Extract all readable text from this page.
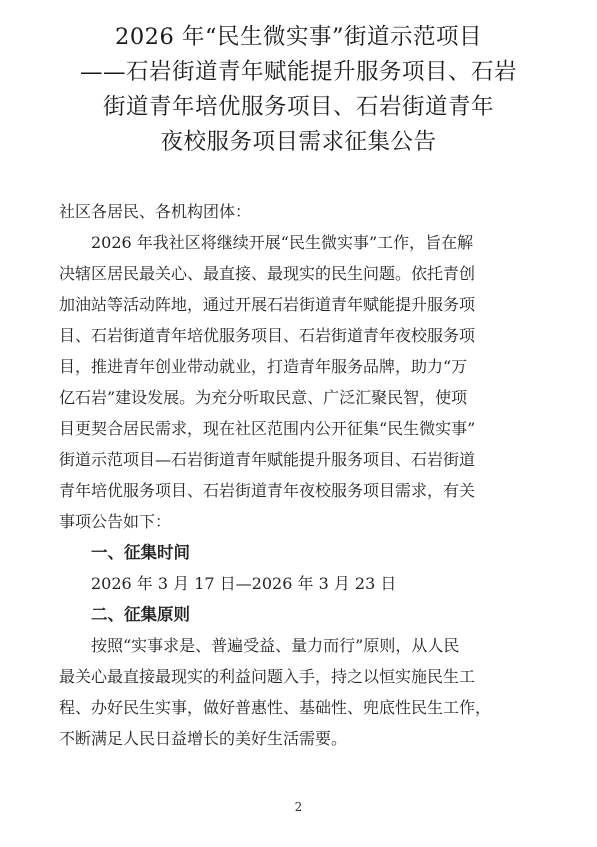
2026 年“民生微实事”街道示范项目
——石岩街道青年赋能提升服务项目、石岩
街道青年培优服务项目、石岩街道青年
夜校服务项目需求征集公告

社区各居民、各机构团体：

2026 年我社区将继续开展“民生微实事”工作，旨在解

决辖区居民最关心、最直接、最现实的民生问题。依托青创

加油站等活动阵地，通过开展石岩街道青年赋能提升服务项

目、石岩街道青年培优服务项目、石岩街道青年夜校服务项

目，推进青年创业带动就业，打造青年服务品牌，助力“万

亿石岩”建设发展。为充分听取民意、广泛汇聚民智，使项

目更契合居民需求，现在社区范围内公开征集“民生微实事”

街道示范项目—石岩街道青年赋能提升服务项目、石岩街道

青年培优服务项目、石岩街道青年夜校服务项目需求，有关

事项公告如下：

一、征集时间

2026 年 3 月 17 日—2026 年 3 月 23 日

二、征集原则

按照“实事求是、普遍受益、量力而行”原则，从人民

最关心最直接最现实的利益问题入手，持之以恒实施民生工

程、办好民生实事，做好普惠性、基础性、兜底性民生工作，

不断满足人民日益增长的美好生活需要。

2
